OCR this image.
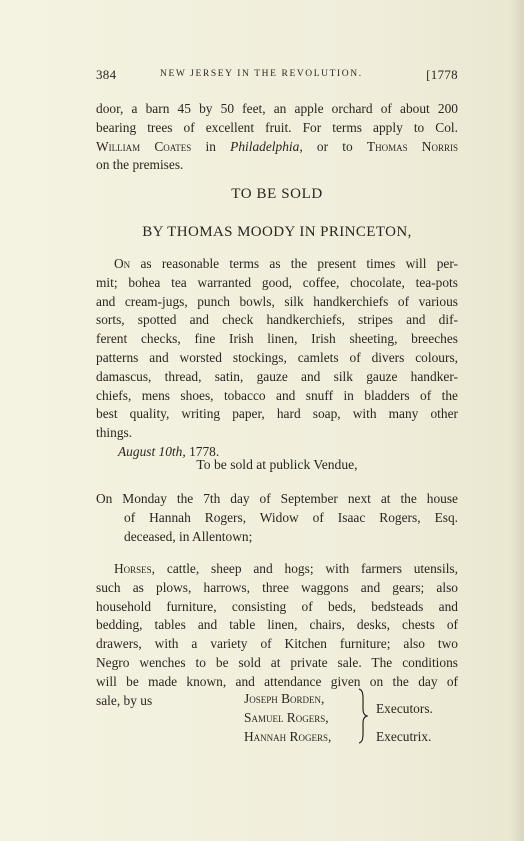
384	NEW JERSEY IN THE REVOLUTION.	[1778
door, a barn 45 by 50 feet, an apple orchard of about 200
bearing trees of excellent fruit. For terms apply to Col.
William Coates in Philadelphia, or to Thomas Norris
on the premises.
TO BE SOLD
BY THOMAS MOODY IN PRINCETON,
On as reasonable terms as the present times will per-
mit; bohea tea warranted good, coffee, chocolate, tea-pots
and cream-jugs, punch bowls, silk handkerchiefs of various
sorts, spotted and check handkerchiefs, stripes and dif-
ferent checks, fine Irish linen, Irish sheeting, breeches
patterns and worsted stockings, camlets of divers colours,
damascus, thread, satin, gauze and silk gauze handker-
chiefs, mens shoes, tobacco and snuff in bladders of the
best quality, writing paper, hard soap, with many other
things.
August 10th, 1778.
To be sold at publick Vendue,
On Monday the 7th day of September next at the house
of Hannah Rogers, Widow of Isaac Rogers, Esq.
deceased, in Allentown;
Horses, cattle, sheep and hogs; with farmers utensils,
such as plows, harrows, three waggons and gears; also
household furniture, consisting of beds, bedsteads and
bedding, tables and table linen, chairs, desks, chests of
drawers, with a variety of Kitchen furniture; also two
Negro wenches to be sold at private sale. The conditions
will be made known, and attendance given on the day of
sale, by us	Joseph Borden,
Samuel Rogers,
Hannah Rogers,
Executors.
Executrix.
